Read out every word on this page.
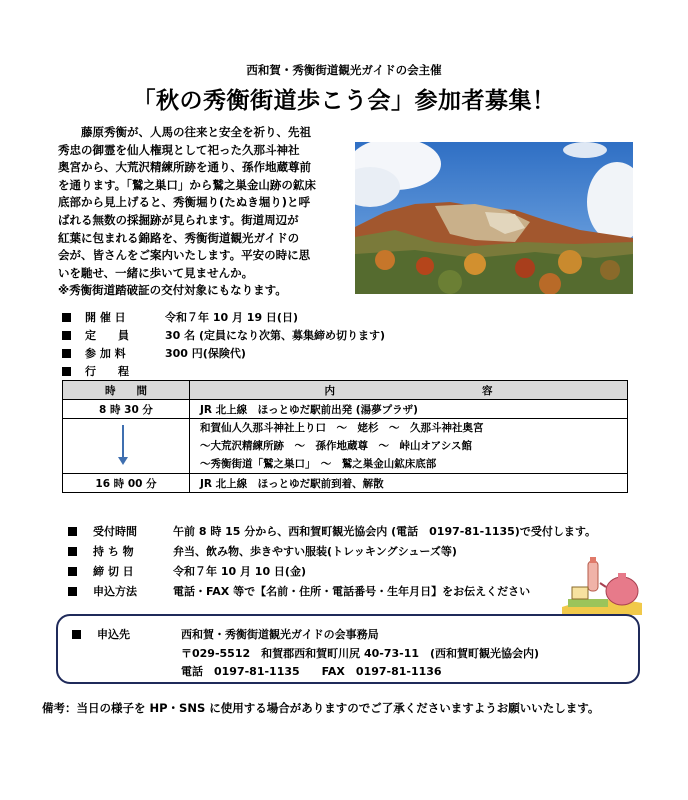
西和賀・秀衡街道観光ガイドの会主催
「秋の秀衡街道歩こう会」参加者募集！

藤原秀衡が、人馬の往来と安全を祈り、先祖

秀忠の御霊を仙人権現として祀った久那斗神社

奥宮から、大荒沢精練所跡を通り、孫作地蔵尊前

を通ります。「鷲之巣口」から鷲之巣金山跡の鉱床

底部から見上げると、秀衡堀り(たぬき堀り)と呼

ばれる無数の採掘跡が見られます。街道周辺が

紅葉に包まれる錦路を、秀衡街道観光ガイドの

会が、皆さんをご案内いたします。平安の時に思

いを馳せ、一緒に歩いて見ませんか。

※秀衡街道踏破証の交付対象にもなります。

開 催 日	令和７年 10 月 19 日(日)
定　　員	30 名 (定員になり次第、募集締め切ります)
参 加 料	300 円(保険代)
行　　程
時　　間	内　　　　　　　　　　　　　　容
8 時 30 分	JR 北上線　ほっとゆだ駅前出発 (湯夢プラザ)

	和賀仙人久那斗神社上り口　～　姥杉　～　久那斗神社奥宮
～大荒沢精練所跡　～　孫作地蔵尊　～　峠山オアシス館
～秀衡街道「鷲之巣口」　～　鷲之巣金山鉱床底部

16 時 00 分	JR 北上線　ほっとゆだ駅前到着、解散
受付時間	午前 8 時 15 分から、西和賀町観光協会内 (電話　0197-81-1135)で受付します。
持 ち 物	弁当、飲み物、歩きやすい服装(トレッキングシューズ等)
締 切 日	令和７年 10 月 10 日(金)
申込方法	電話・FAX 等で【名前・住所・電話番号・生年月日】をお伝えください
申込先	西和賀・秀衡街道観光ガイドの会事務局
〒029-5512　和賀郡西和賀町川尻 40-73-11　(西和賀町観光協会内)
電話　0197-81-1135　　FAX　0197-81-1136
備考：当日の様子を HP・SNS に使用する場合がありますのでご了承くださいますようお願いいたします。
